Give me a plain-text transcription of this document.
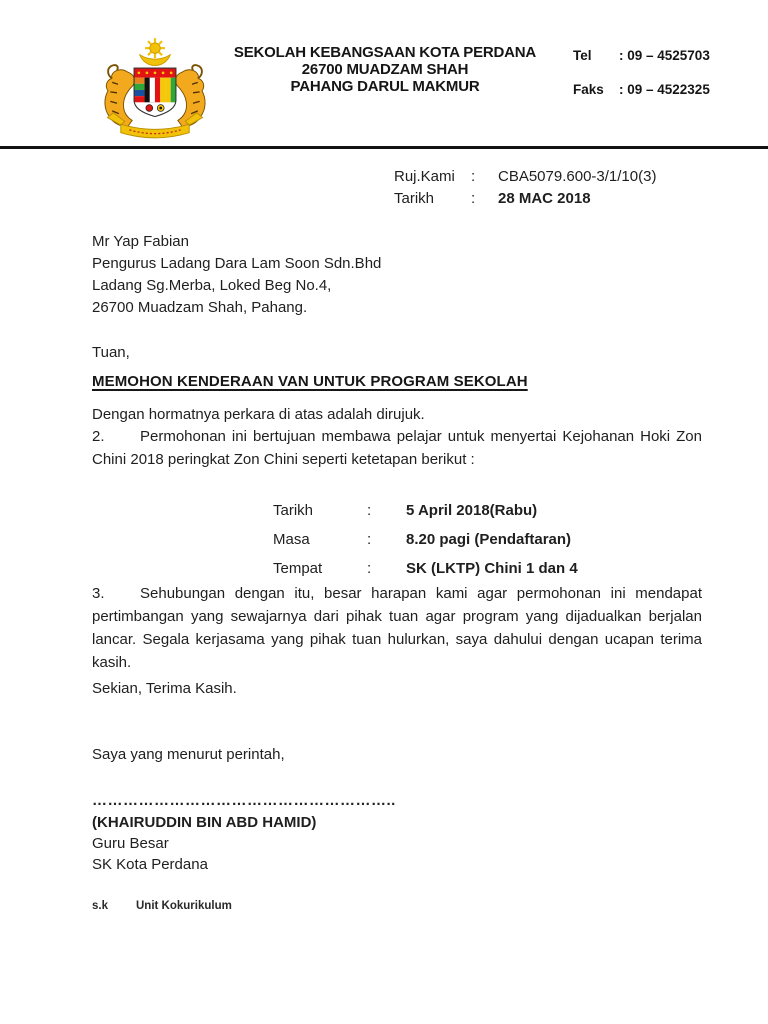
SEKOLAH KEBANGSAAN KOTA PERDANA
26700 MUADZAM SHAH
PAHANG DARUL MAKMUR
Tel	: 09 – 4525703
Faks	: 09 – 4522325
Ruj.Kami	:	CBA5079.600-3/1/10(3)
Tarikh	:	28 MAC 2018
Mr Yap Fabian
Pengurus Ladang Dara Lam Soon Sdn.Bhd
Ladang Sg.Merba, Loked Beg No.4,
26700 Muadzam Shah, Pahang.
Tuan,
MEMOHON KENDERAAN VAN UNTUK PROGRAM SEKOLAH

Dengan hormatnya perkara di atas adalah dirujuk.

2. Permohonan ini bertujuan membawa pelajar untuk menyertai Kejohanan Hoki Zon Chini 2018 peringkat Zon Chini seperti ketetapan berikut :

Tarikh	:	5 April 2018(Rabu)
Masa	:	8.20 pagi (Pendaftaran)
Tempat	:	SK (LKTP) Chini 1 dan 4

3. Sehubungan dengan itu, besar harapan kami agar permohonan ini mendapat pertimbangan yang sewajarnya dari pihak tuan agar program yang dijadualkan berjalan lancar. Segala kerjasama yang pihak tuan hulurkan, saya dahului dengan ucapan terima kasih.

Sekian, Terima Kasih.
Saya yang menurut perintah,
…………………………………………………..
(KHAIRUDDIN BIN ABD HAMID)
Guru Besar
SK Kota Perdana
s.k	Unit Kokurikulum
